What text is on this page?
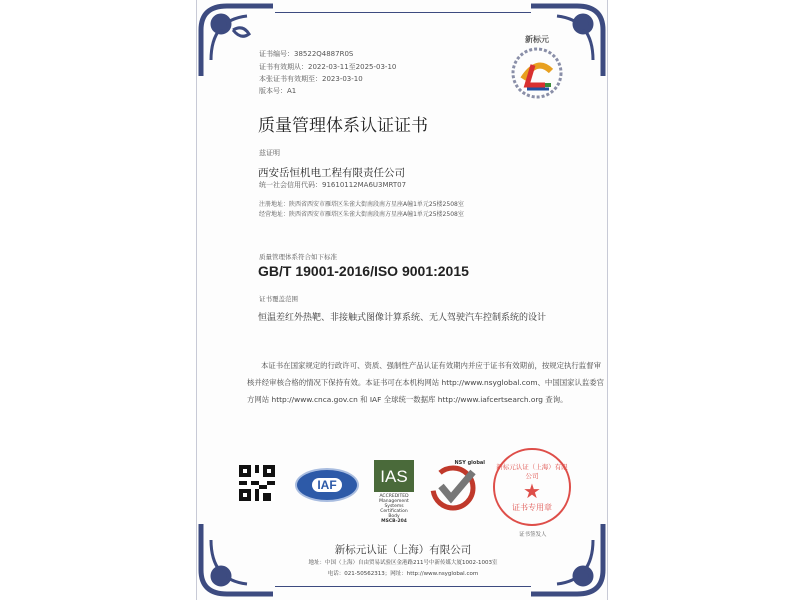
证书编号：38522Q4887R0S
证书有效期从：2022-03-11至2025-03-10
本张证书有效期至：2023-03-10
版本号：A1
新标元
质量管理体系认证证书
兹证明
西安岳恒机电工程有限责任公司
统一社会信用代码：91610112MA6U3MRT07
注册地址：陕西省西安市雁塔区朱雀大街南段南方星座A幢1单元25楼2508室
经营地址：陕西省西安市雁塔区朱雀大街南段南方星座A幢1单元25楼2508室
质量管理体系符合如下标准
GB/T 19001-2016/ISO 9001:2015
证书覆盖范围
恒温差红外热靶、非接触式图像计算系统、无人驾驶汽车控制系统的设计
本证书在国家规定的行政许可、资质、强制性产品认证有效期内并应于证书有效期前，按规定执行监督审
核并经审核合格的情况下保持有效。本证书可在本机构网站 http://www.nsyglobal.com、中国国家认监委官
方网站 http://www.cnca.gov.cn 和 IAF 全球统一数据库 http://www.iafcertsearch.org 查询。
IAF	IAS
ACCREDITED
Management Systems
Certification Body
MSCB-204
NSY global 新标元认证（上海）有限公司
★
证书专用章
证书签发人
新标元认证（上海）有限公司
地址：中国（上海）自由贸易试验区金港路211号中新传媒大厦1002-1003室
电话：021-50562313；网址：http://www.nsyglobal.com
